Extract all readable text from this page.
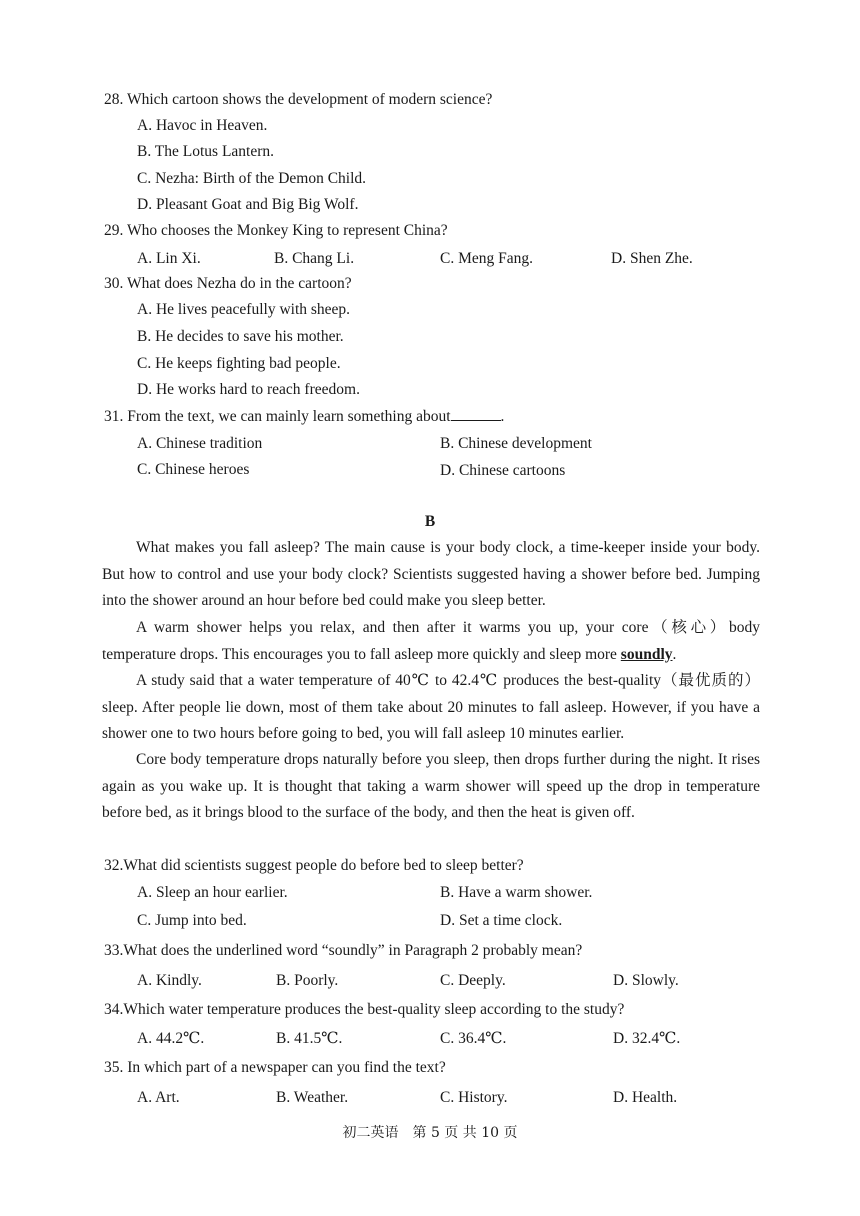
28. Which cartoon shows the development of modern science?
A. Havoc in Heaven.
B. The Lotus Lantern.
C. Nezha: Birth of the Demon Child.
D. Pleasant Goat and Big Big Wolf.
29. Who chooses the Monkey King to represent China?
A. Lin Xi.	B. Chang Li.	C. Meng Fang.	D. Shen Zhe.
30. What does Nezha do in the cartoon?
A. He lives peacefully with sheep.
B. He decides to save his mother.
C. He keeps fighting bad people.
D. He works hard to reach freedom.
31. From the text, we can mainly learn something about	.
A. Chinese tradition	B. Chinese development
C. Chinese heroes	D. Chinese cartoons
B
What makes you fall asleep? The main cause is your body clock, a time-keeper inside your body. But how to control and use your body clock? Scientists suggested having a shower before bed. Jumping into the shower around an hour before bed could make you sleep better.
A warm shower helps you relax, and then after it warms you up, your core（核心）body temperature drops. This encourages you to fall asleep more quickly and sleep more soundly.
A study said that a water temperature of 40℃ to 42.4℃ produces the best-quality（最优质的）sleep. After people lie down, most of them take about 20 minutes to fall asleep. However, if you have a shower one to two hours before going to bed, you will fall asleep 10 minutes earlier.
Core body temperature drops naturally before you sleep, then drops further during the night. It rises again as you wake up. It is thought that taking a warm shower will speed up the drop in temperature before bed, as it brings blood to the surface of the body, and then the heat is given off.
32.What did scientists suggest people do before bed to sleep better?
A. Sleep an hour earlier.	B. Have a warm shower.
C. Jump into bed.	D. Set a time clock.
33.What does the underlined word “soundly” in Paragraph 2 probably mean?
A. Kindly.	B. Poorly.	C. Deeply.	D. Slowly.
34.Which water temperature produces the best-quality sleep according to the study?
A. 44.2℃.	B. 41.5℃.	C. 36.4℃.	D. 32.4℃.
35. In which part of a newspaper can you find the text?
A. Art.	B. Weather.	C. History.	D. Health.
初二英语　第 5 页 共 10 页
